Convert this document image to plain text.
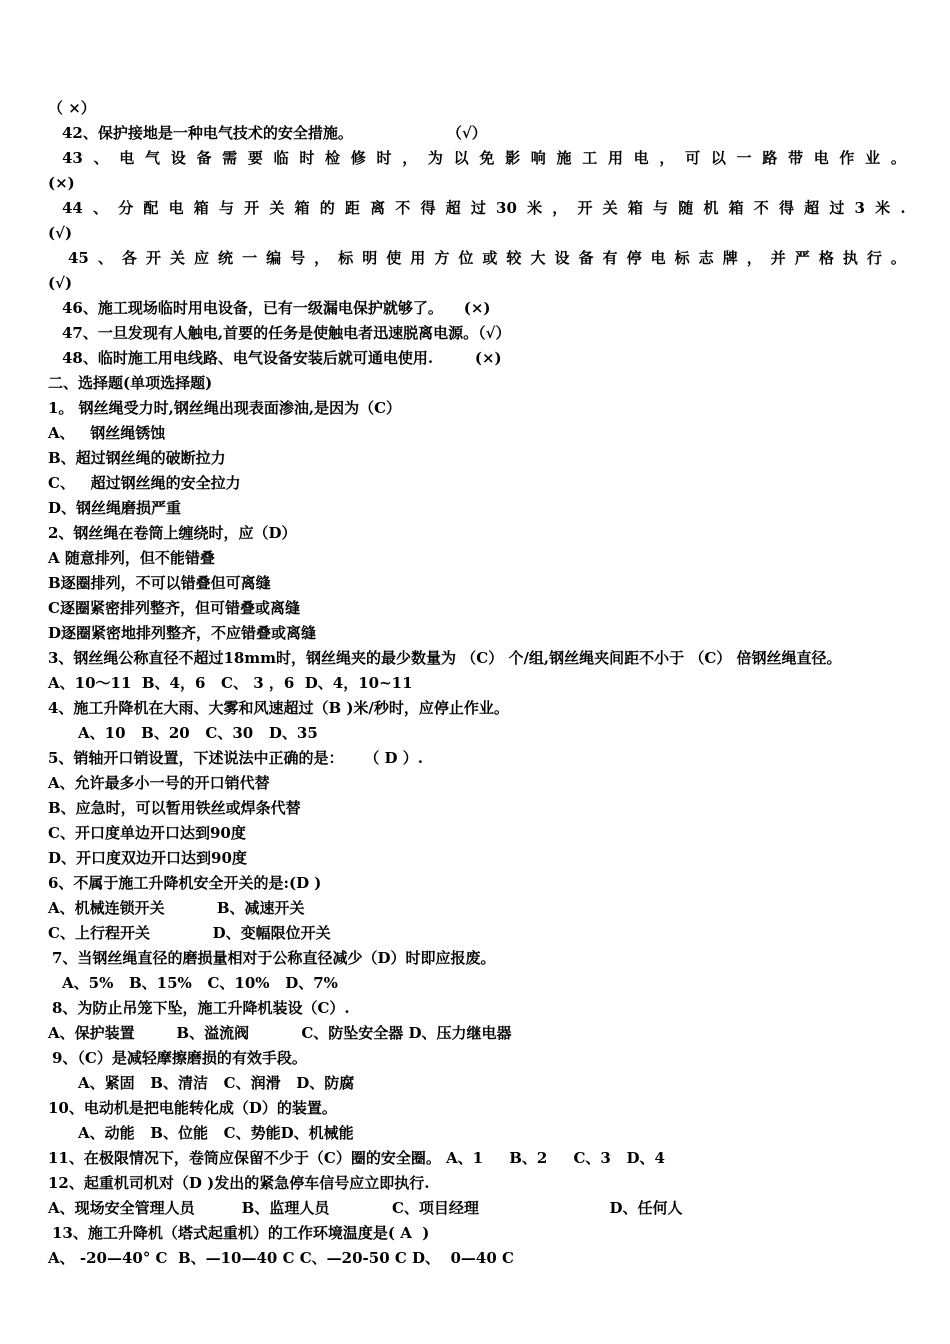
（ ×）
42、保护接地是一种电气技术的安全措施。                  （√）
43 、 电 气 设 备 需 要 临 时 检 修 时 ， 为 以 免 影 响 施 工 用 电 ， 可 以 一 路 带 电 作 业 。
(×)
44 、 分 配 电 箱 与 开 关 箱 的 距 离 不 得 超 过 30 米 ， 开 关 箱 与 随 机 箱 不 得 超 过 3 米 .
(√)
45 、 各 开 关 应 统 一 编 号 ， 标 明 使 用 方 位 或 较 大 设 备 有 停 电 标 志 牌 ， 并 严 格 执 行 。
(√)
46、施工现场临时用电设备，已有一级漏电保护就够了。    (×)
47、一旦发现有人触电,首要的任务是使触电者迅速脱离电源。（√）
48、临时施工用电线路、电气设备安装后就可通电使用.        (×)
二、选择题(单项选择题)
1。 钢丝绳受力时,钢丝绳出现表面渗油,是因为（C）
A、   钢丝绳锈蚀
B、超过钢丝绳的破断拉力
C、   超过钢丝绳的安全拉力
D、钢丝绳磨损严重
2、钢丝绳在卷筒上缠绕时，应（D）
A 随意排列，但不能错叠
B逐圈排列，不可以错叠但可离缝
C逐圈紧密排列整齐，但可错叠或离缝
D逐圈紧密地排列整齐，不应错叠或离缝
3、钢丝绳公称直径不超过18mm时，钢丝绳夹的最少数量为 （C） 个/组,钢丝绳夹间距不小于 （C） 倍钢丝绳直径。
A、10～11  B、4，6   C、 3 ，6  D、4，10~11
4、施工升降机在大雨、大雾和风速超过（B )米/秒时，应停止作业。
A、10   B、20   C、30   D、35
5、销轴开口销设置，下述说法中正确的是：    （ D ）.
A、允许最多小一号的开口销代替
B、应急时，可以暂用铁丝或焊条代替
C、开口度单边开口达到90度
D、开口度双边开口达到90度
6、不属于施工升降机安全开关的是:(D )
A、机械连锁开关          B、减速开关
C、上行程开关            D、变幅限位开关
7、当钢丝绳直径的磨损量相对于公称直径减少（D）时即应报废。
A、5%   B、15%   C、10%   D、7%
8、为防止吊笼下坠，施工升降机装设（C）.
A、保护装置        B、溢流阀          C、防坠安全器 D、压力继电器
9、（C）是减轻摩擦磨损的有效手段。
A、紧固   B、清洁   C、润滑   D、防腐
10、电动机是把电能转化成（D）的装置。
A、动能   B、位能   C、势能D、机械能
11、在极限情况下，卷筒应保留不少于（C）圈的安全圈。 A、1     B、2     C、3   D、4
12、起重机司机对（D )发出的紧急停车信号应立即执行.
A、现场安全管理人员         B、监理人员            C、项目经理                         D、任何人
13、施工升降机（塔式起重机）的工作环境温度是( A  )
A、 -20—40° C  B、—10—40 C C、—20-50 C D、  0—40 C
